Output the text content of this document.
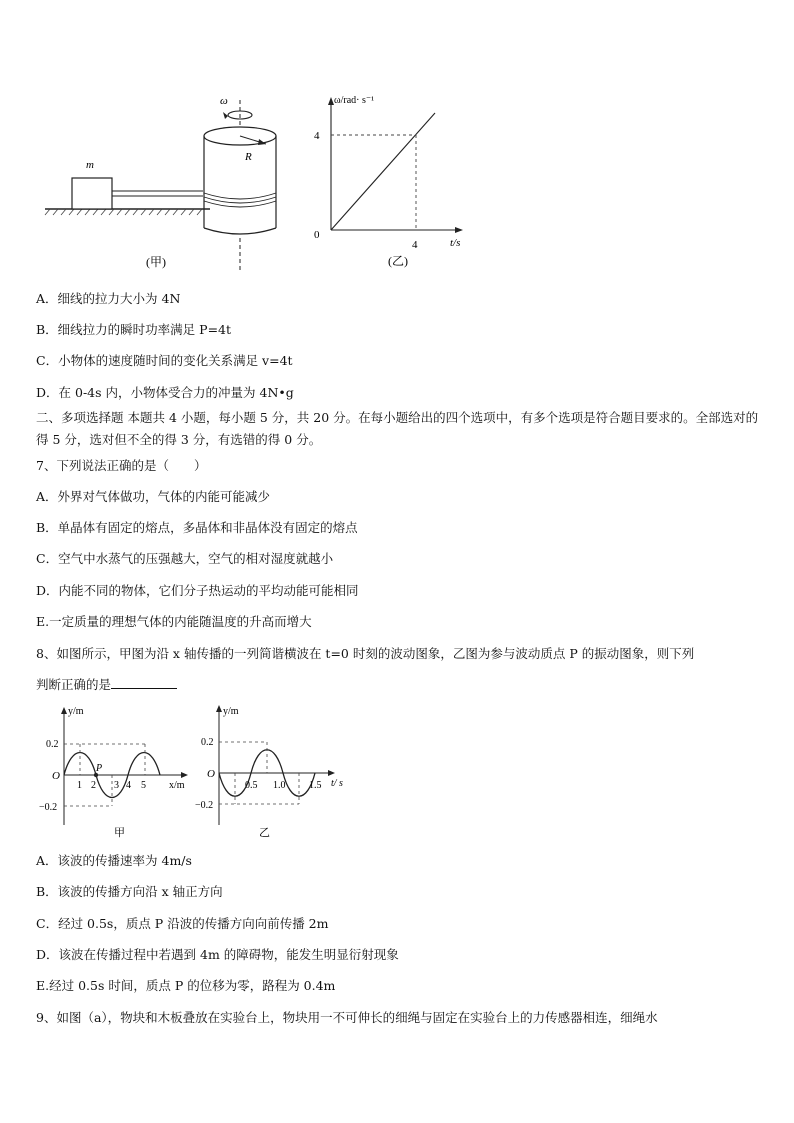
m
R
ω
(甲)
ω/rad· s⁻¹
4
0
4	t/s
(乙)
A．细线的拉力大小为 4N
B．细线拉力的瞬时功率满足 P=4t
C．小物体的速度随时间的变化关系满足 v=4t
D．在 0-4s 内，小物体受合力的冲量为 4N•g
二、多项选择题 本题共 4 小题，每小题 5 分，共 20 分。在每小题给出的四个选项中，有多个选项是符合题目要求的。全部选对的得 5 分，选对但不全的得 3 分，有选错的得 0 分。
7、下列说法正确的是（　　）
A．外界对气体做功，气体的内能可能减少
B．单晶体有固定的熔点，多晶体和非晶体没有固定的熔点
C．空气中水蒸气的压强越大，空气的相对湿度就越小
D．内能不同的物体，它们分子热运动的平均动能可能相同
E.一定质量的理想气体的内能随温度的升高而增大
8、如图所示，甲图为沿 x 轴传播的一列简谐横波在 t=0 时刻的波动图象，乙图为参与波动质点 P 的振动图象，则下列
判断正确的是
y/m
0.2
−0.2
O
P
1 2 3 4 5 x/m
甲
y/m
0.2
−0.2
O
0.5 1.0 1.5 t/ s
乙
A．该波的传播速率为 4m/s
B．该波的传播方向沿 x 轴正方向
C．经过 0.5s，质点 P 沿波的传播方向向前传播 2m
D．该波在传播过程中若遇到 4m 的障碍物，能发生明显衍射现象
E.经过 0.5s 时间，质点 P 的位移为零，路程为 0.4m
9、如图（a），物块和木板叠放在实验台上，物块用一不可伸长的细绳与固定在实验台上的力传感器相连，细绳水
